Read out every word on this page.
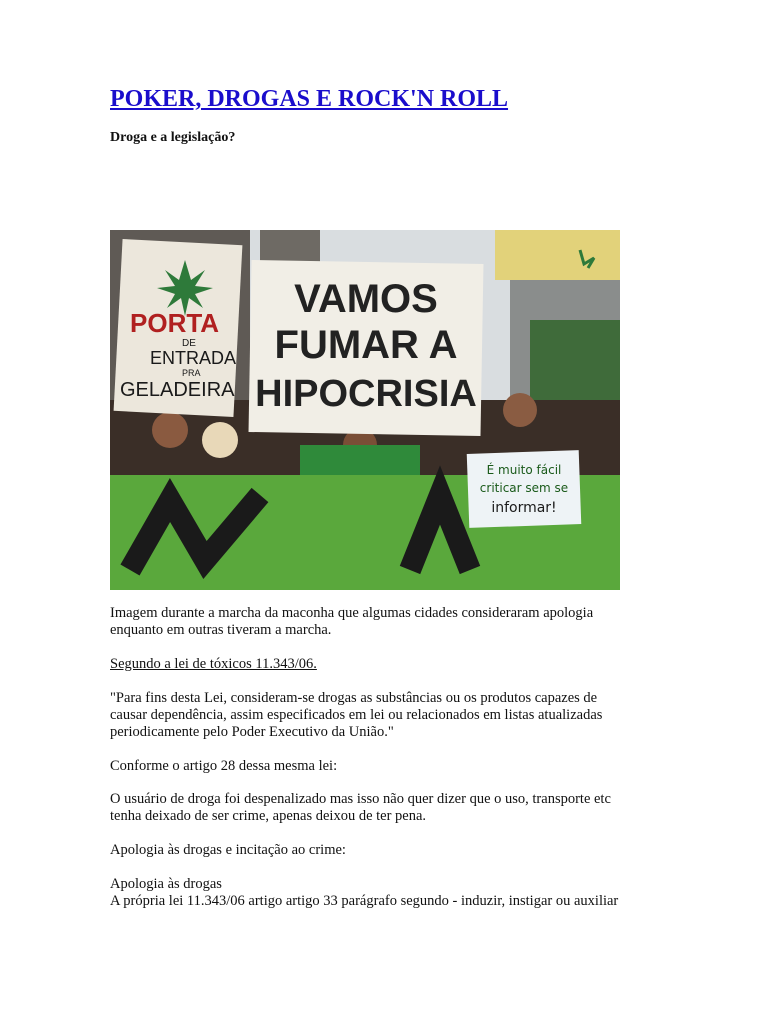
POKER, DROGAS E ROCK'N ROLL
Droga e a legislação?
PORTA
DE
ENTRADA
PRA
GELADEIRA
VAMOS
FUMAR A
HIPOCRISIA
É muito fácil
criticar sem se
informar!
Imagem durante a marcha da maconha que algumas cidades consideraram apologia
enquanto em outras tiveram a marcha.
Segundo a lei de tóxicos 11.343/06.
"Para fins desta Lei, consideram-se drogas as substâncias ou os produtos capazes de
causar dependência, assim especificados em lei ou relacionados em listas atualizadas
periodicamente pelo Poder Executivo da União."
Conforme o artigo 28 dessa mesma lei:
O usuário de droga foi despenalizado mas isso não quer dizer que o uso, transporte etc
tenha deixado de ser crime, apenas deixou de ter pena.
Apologia às drogas e incitação ao crime:
Apologia às drogas
A própria lei 11.343/06 artigo artigo 33 parágrafo segundo - induzir, instigar ou auxiliar
